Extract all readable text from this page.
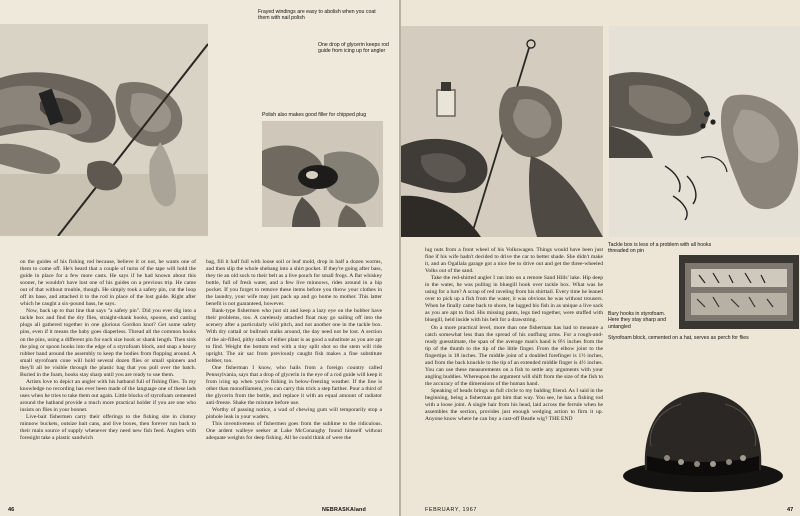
Frayed windings are easy to abolish when you coat them with nail polish
One drop of glycerin keeps rod guide from icing up for angler
Polish also makes good filler for chipped plug

on the guides of his fishing rod because, believe it or not, he wants one of them to come off. He's heard that a couple of turns of the tape will hold the guide in place for a few more casts. He says if he had known about this sooner, he wouldn't have lost one of his guides on a previous trip. He came out of that without trouble, though. He simply took a safety pin, cut the loop off its base, and attached it to the rod in place of the lost guide. Right after which he caught a six-pound bass, he says.

Now, back up to that line that says "a safety pin". Did you ever dig into a tackle box and find the dry flies, straight-shank hooks, spoons, and casting plugs all gathered together in one glorious Gordion knot? Get some safety pins, even if it means the baby goes diaperless. Thread all the common hooks on the pins, using a different pin for each size hook or shank length. Then sink the plug or spoon hooks into the edge of a styrofoam block, and snap a heavy rubber band around the assembly to keep the bodies from flopping around. A small styrofoam cone will hold several dozen flies or small spinners and they'll all be visible through the plastic bag that you pull over the batch. Buried in the foam, hooks stay sharp until you are ready to use them.

Artists love to depict an angler with his hatband full of fishing flies. To my knowledge no recording has ever been made of the language one of these lads uses when he tries to take them out again. Little blocks of styrofoam cemented around the hatband provide a much more practical holder if you are one who insists on flies in your bonnet.

Live-bait fishermen carry their offerings to the fishing site in clumsy minnow buckets, outsize bait cans, and live boxes, then forever run back to their main source of supply whenever they need new fish feed. Anglers with foresight take a plastic sandwich

bag, fill it half full with loose soil or leaf mold, drop in half a dozen worms, and then slip the whole shebang into a shirt pocket. If they're going after bass, they tie an old sock to their belt as a live pouch for small frogs. A flat whiskey bottle, full of fresh water, and a few live minnows, rides around in a hip pocket. If you forget to remove these items before you throw your clothes in the laundry, your wife may just pack up and go home to mother. This latter benefit is not guaranteed, however.

Bank-type fishermen who just sit and keep a lazy eye on the bobber have their problems, too. A carelessly attached float may go sailing off into the scenery after a particularly wild pitch, and not another one in the tackle box. With dry cattail or bullrush stalks around, the day need not be lost. A section of the air-filled, pithy stalk of either plant is as good a substitute as you are apt to find. Weight the bottom end with a tiny split shot so the stem will ride upright. The air sac from previously caught fish makes a fine substitute bobber, too.

One fisherman I know, who hails from a foreign country called Pennsylvania, says that a drop of glycerin in the eye of a rod guide will keep it from icing up when you're fishing in below-freezing weather. If the line is other than monofilament, you can carry this trick a step farther. Pour a third of the glycerin from the bottle, and replace it with an equal amount of radiator anti-freeze. Shake the mixture before use.

Worthy of passing notice, a wad of chewing gum will temporarily stop a pinhole leak in your waders.

This inventiveness of fishermen goes from the sublime to the ridiculous. One ardent walleye seeker at Lake McConaughy found himself without adequate weights for deep fishing. All he could think of were the

46	NEBRASKAland
Tackle box is less of a problem with all hooks threaded on pin
Bury hooks in styrofoam. Here they stay sharp and untangled
Styrofoam block, cemented on a hat, serves as perch for flies

lug nuts from a front wheel of his Volkswagen. Things would have been just fine if his wife hadn't decided to drive the car to better shade. She didn't make it, and an Ogallala garage got a nice fee to drive out and get the three-wheeled Volks out of the sand.

Take the red-shirted angler I ran into on a remote Sand Hills' lake. Hip deep in the water, he was pulling in bluegill hook over tackle box. What was he using for a lure? A scrap of red raveling from his shirttail. Every time he leaned over to pick up a fish from the water, it was obvious he was without trousers. When he finally came back to shore, he lugged his fish in as unique a live sack as you are apt to find. His missing pants, legs tied together, were stuffed with bluegill, held inside with his belt for a drawstring.

On a more practical level, more than one fisherman has had to measure a catch somewhat less than the spread of his outflung arms. For a rough-and-ready guesstimate, the span of the average man's hand is 8½ inches from the tip of the thumb to the tip of the little finger. From the elbow joint to the fingertips is 18 inches. The middle joint of a doubled forefinger is 1½ inches, and from the back knuckle to the tip of an extended middle finger is 4½ inches. You can use these measurements on a fish to settle any arguments with your angling buddies. Whereupon the argument will shift from the size of the fish to the accuracy of the dimensions of the human hand.

Speaking of heads brings us full circle to my balding friend. As I said in the beginning, being a fisherman got him that way. You see, he has a fishing rod with a loose joint. A single hair from his head, laid across the ferrule when he assembles the section, provides just enough wedging action to firm it up. Anyone know where he can buy a cast-off Beatle wig? THE END

FEBRUARY, 1967	47
